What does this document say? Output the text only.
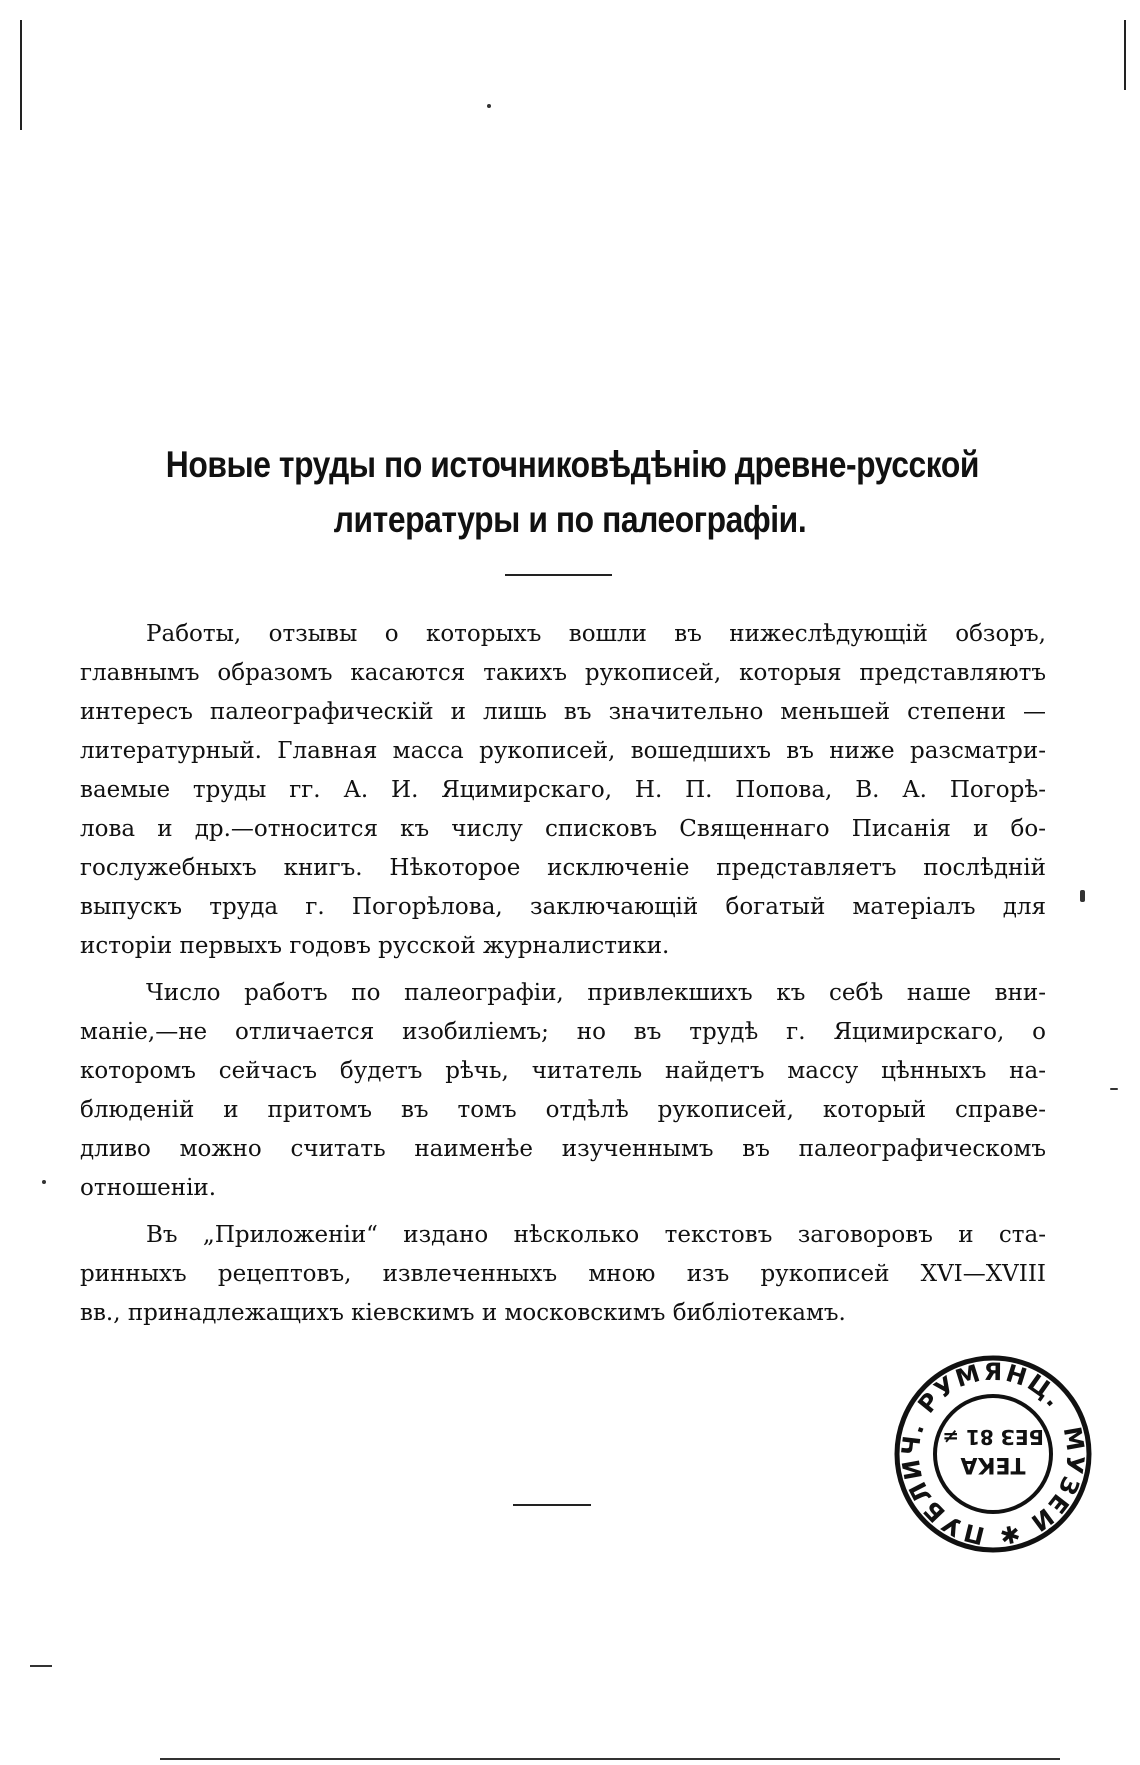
Новые труды по источниковѣдѣнію древне-русской
литературы и по палеографіи.
Работы, отзывы о которыхъ вошли въ нижеслѣдующій обзоръ,
главнымъ образомъ касаются такихъ рукописей, которыя представляютъ
интересъ палеографическій и лишь въ значительно меньшей степени —
литературный. Главная масса рукописей, вошедшихъ въ ниже разсматри-
ваемые труды гг. А. И. Яцимирскаго, Н. П. Попова, В. А. Погорѣ-
лова и др.—относится къ числу списковъ Священнаго Писанія и бо-
гослужебныхъ книгъ. Нѣкоторое исключеніе представляетъ послѣдній
выпускъ труда г. Погорѣлова, заключающій богатый матеріалъ для
исторіи первыхъ годовъ русской журналистики.
Число работъ по палеографіи, привлекшихъ къ себѣ наше вни-
маніе,—не отличается изобиліемъ; но въ трудѣ г. Яцимирскаго, о
которомъ сейчасъ будетъ рѣчь, читатель найдетъ массу цѣнныхъ на-
блюденій и притомъ въ томъ отдѣлѣ рукописей, который справе-
дливо можно считать наименѣе изученнымъ въ палеографическомъ
отношеніи.
Въ „Приложеніи“ издано нѣсколько текстовъ заговоровъ и ста-
ринныхъ рецептовъ, извлеченныхъ мною изъ рукописей XVI—XVIII
вв., принадлежащихъ кіевскимъ и московскимъ библіотекамъ.
МУЗЕЙ ✱ ПУБЛИЧ. РУМЯНЦ.
ТЕКА
БЕЗ 81 ≠
